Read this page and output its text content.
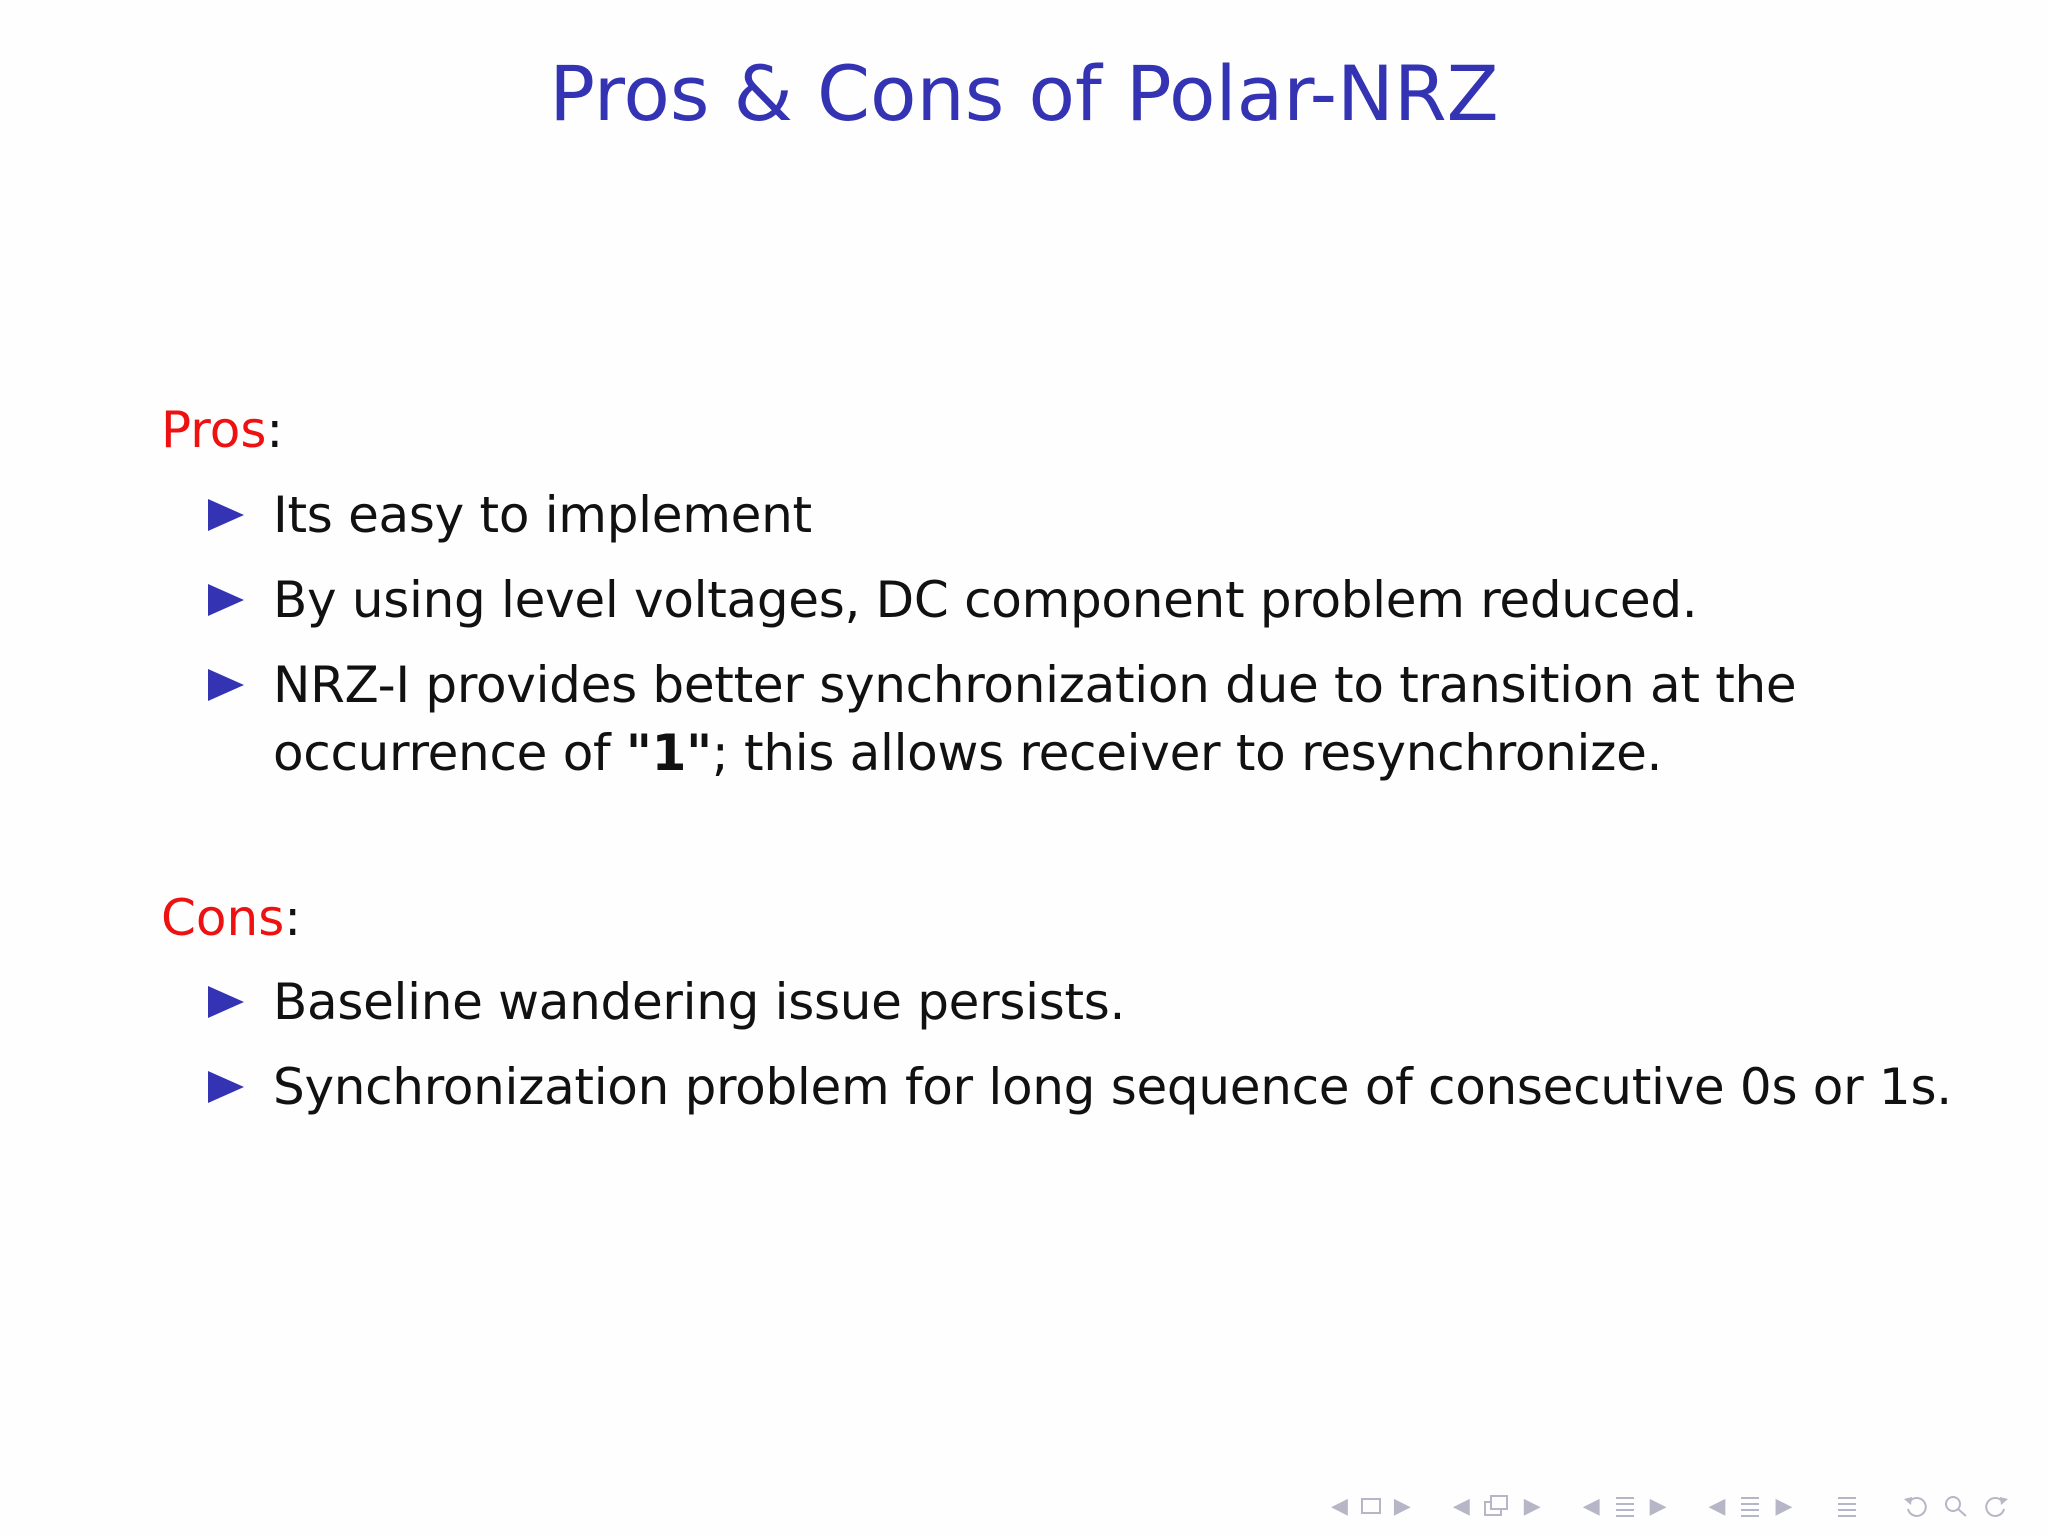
Pros & Cons of Polar-NRZ
Pros:
Its easy to implement
By using level voltages, DC component problem reduced.
NRZ-I provides better synchronization due to transition at the
occurrence of "1"; this allows receiver to resynchronize.
Cons:
Baseline wandering issue persists.
Synchronization problem for long sequence of consecutive 0s or 1s.
◀ ▶ ◀ ▶ ◀ ▶ ◀ ▶
